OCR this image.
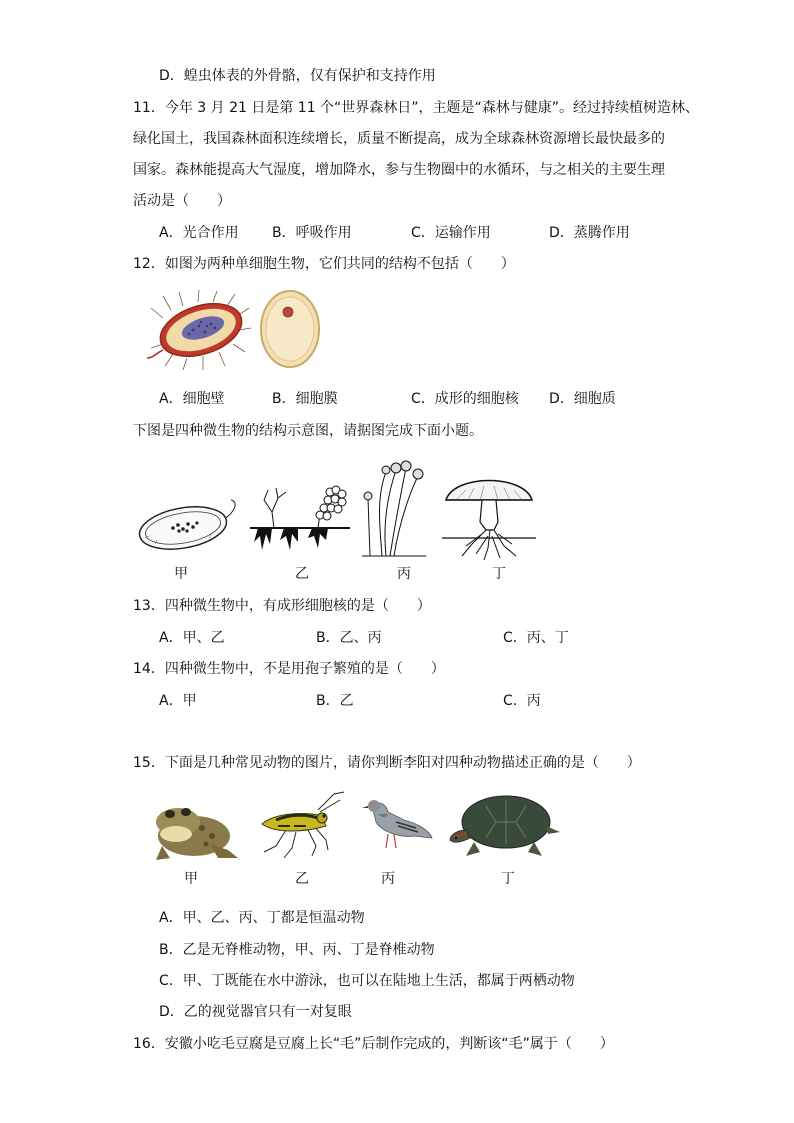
D．蝗虫体表的外骨骼，仅有保护和支持作用
11．今年 3 月 21 日是第 11 个“世界森林日”，主题是“森林与健康”。经过持续植树造林、
绿化国土，我国森林面积连续增长，质量不断提高，成为全球森林资源增长最快最多的
国家。森林能提高大气湿度，增加降水，参与生物圈中的水循环，与之相关的主要生理
活动是（　　）
A．光合作用 B．呼吸作用	C．运输作用	D．蒸腾作用
12．如图为两种单细胞生物，它们共同的结构不包括（　　）
A．细胞壁	B．细胞膜	C．成形的细胞核 D．细胞质
下图是四种微生物的结构示意图，请据图完成下面小题。
甲	乙	丙	丁
13．四种微生物中，有成形细胞核的是（　　）
A．甲、乙	B．乙、丙	C．丙、丁
14．四种微生物中，不是用孢子繁殖的是（　　）
A．甲	B．乙	C．丙
15．下面是几种常见动物的图片，请你判断李阳对四种动物描述正确的是（　　）
甲	乙	丙	丁
A．甲、乙、丙、丁都是恒温动物
B．乙是无脊椎动物，甲、丙、丁是脊椎动物
C．甲、丁既能在水中游泳，也可以在陆地上生活，都属于两栖动物
D．乙的视觉器官只有一对复眼
16．安徽小吃毛豆腐是豆腐上长“毛”后制作完成的，判断该“毛”属于（　　）
